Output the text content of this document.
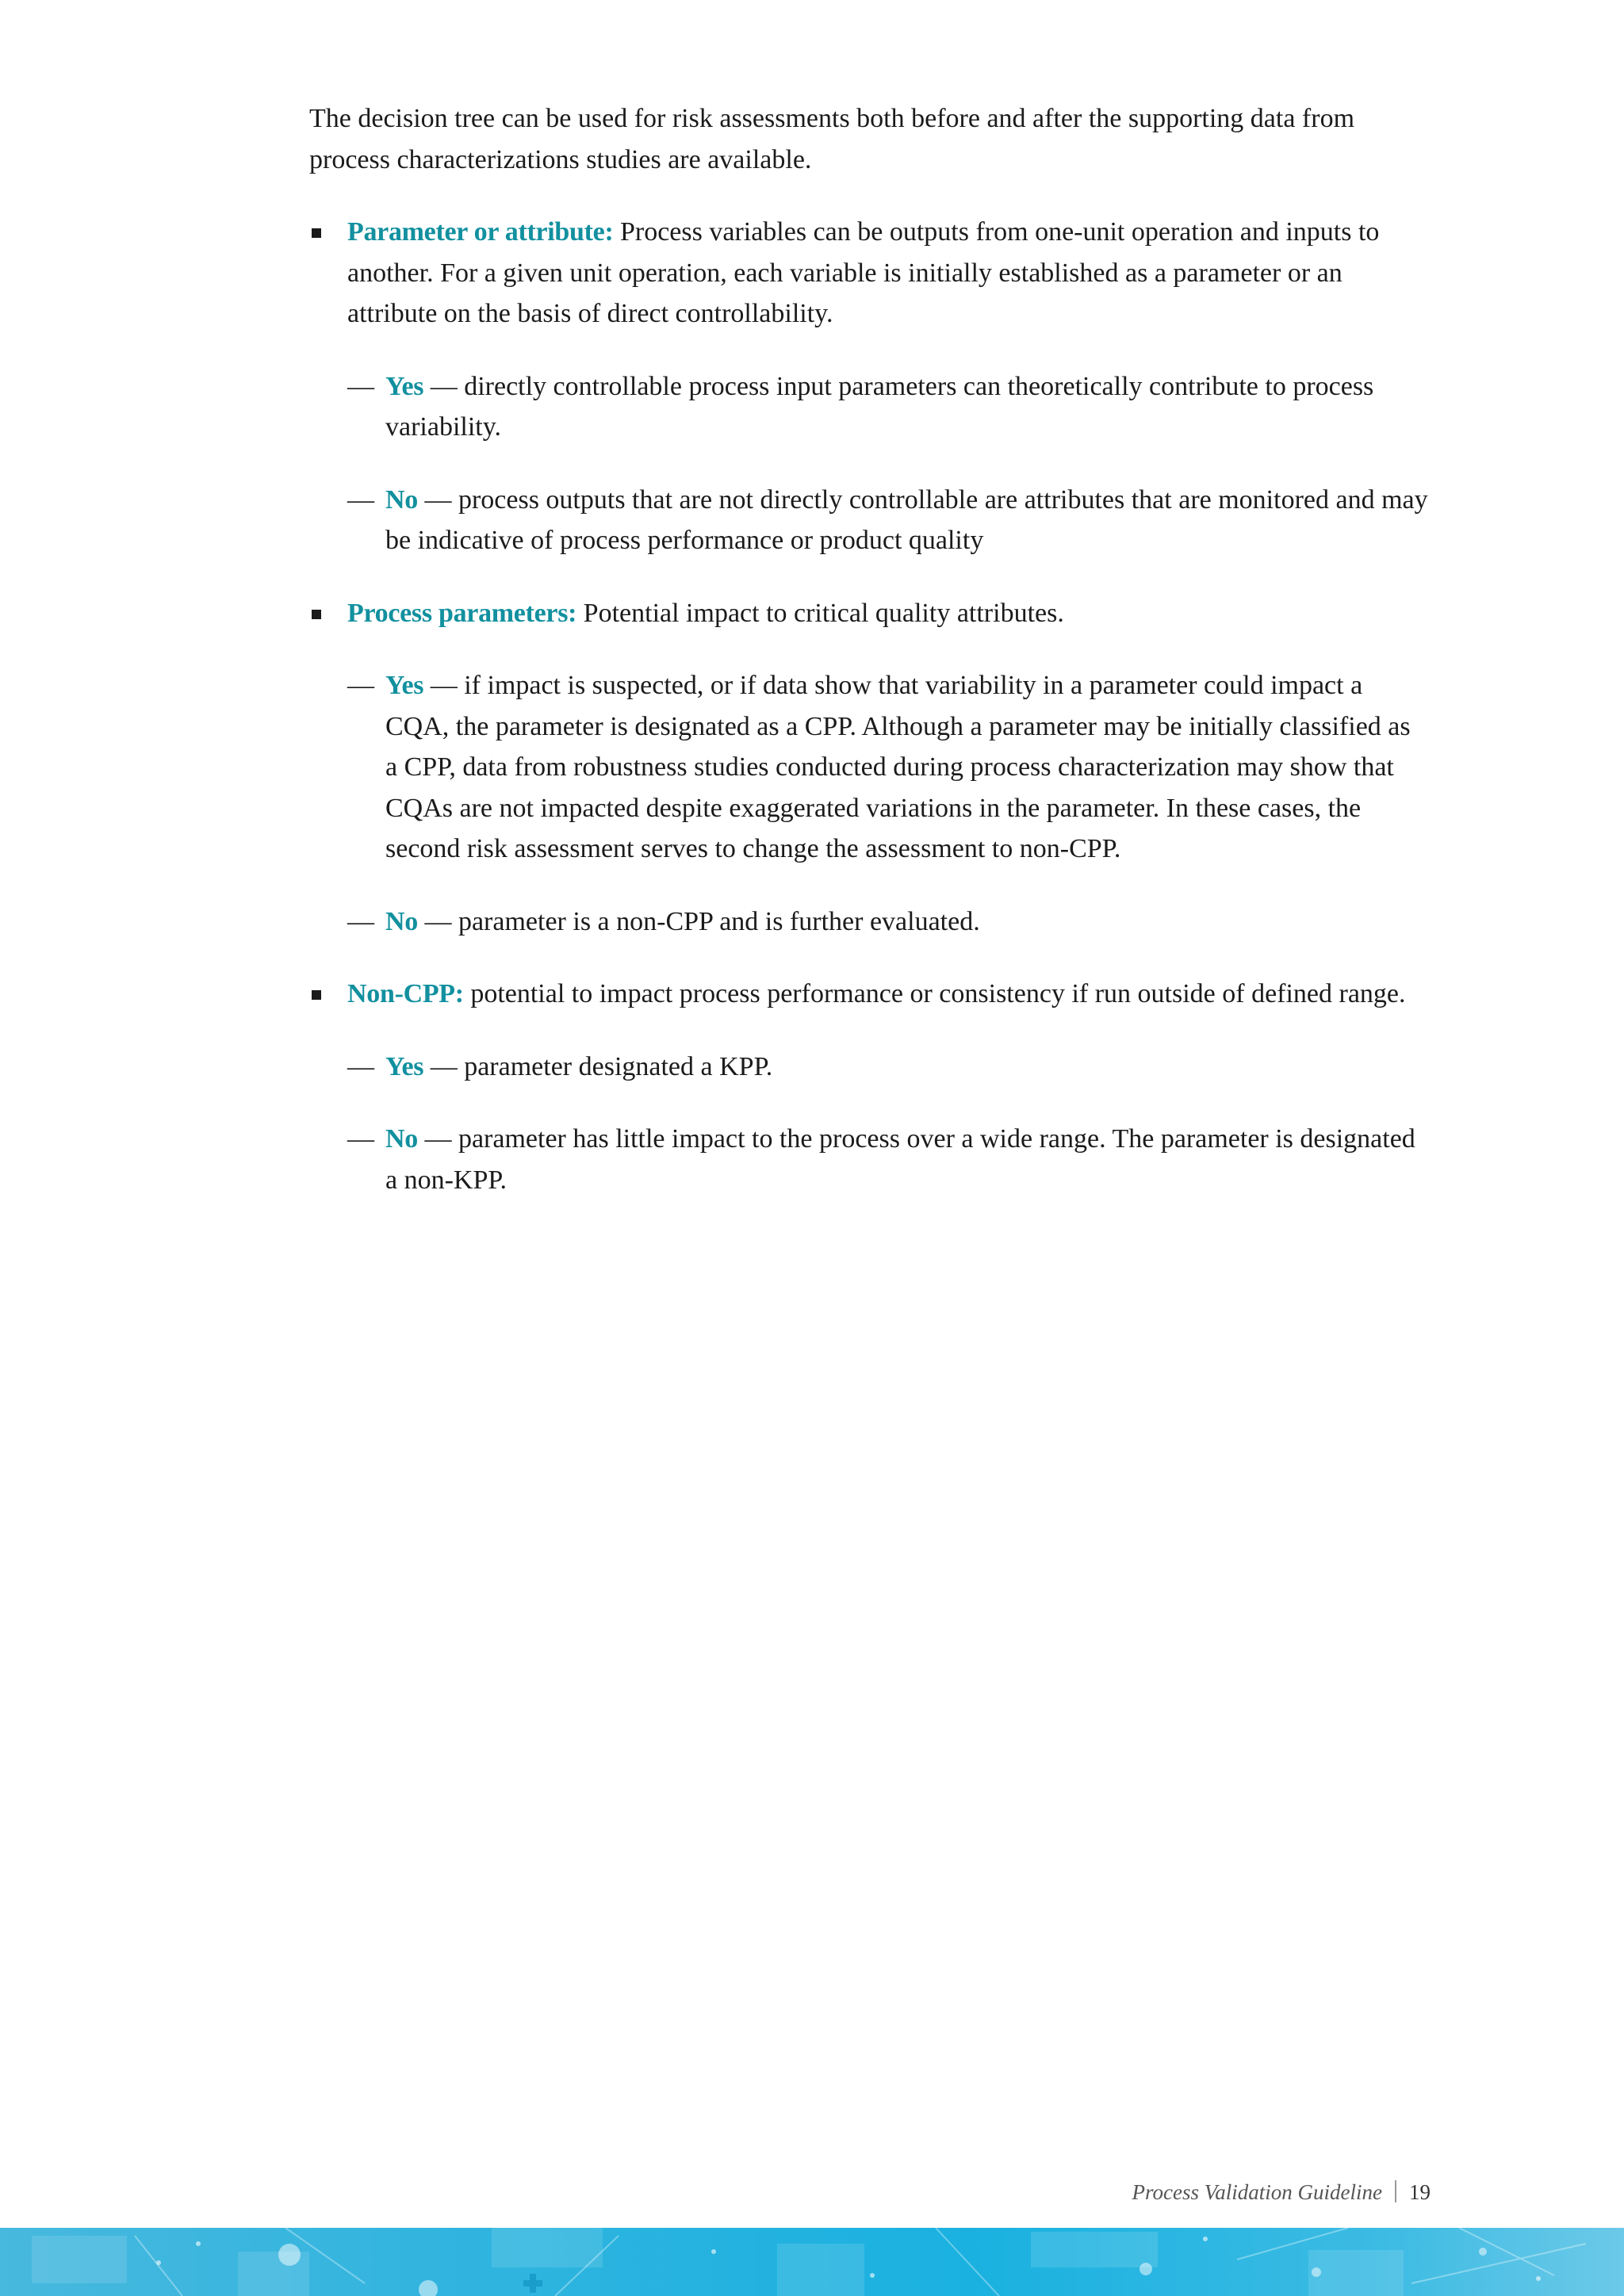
The decision tree can be used for risk assessments both before and after the supporting data from process characterizations studies are available.

Parameter or attribute: Process variables can be outputs from one-unit operation and inputs to another. For a given unit operation, each variable is initially established as a parameter or an attribute on the basis of direct controllability.
— Yes — directly controllable process input parameters can theoretically contribute to process variability.
— No — process outputs that are not directly controllable are attributes that are monitored and may be indicative of process performance or product quality
Process parameters: Potential impact to critical quality attributes.
— Yes — if impact is suspected, or if data show that variability in a parameter could impact a CQA, the parameter is designated as a CPP. Although a parameter may be initially classified as a CPP, data from robustness studies conducted during process characterization may show that CQAs are not impacted despite exaggerated variations in the parameter. In these cases, the second risk assessment serves to change the assessment to non-CPP.
— No — parameter is a non-CPP and is further evaluated.
Non-CPP: potential to impact process performance or consistency if run outside of defined range.
— Yes — parameter designated a KPP.
— No — parameter has little impact to the process over a wide range. The parameter is designated a non-KPP.
Process Validation Guideline 19
